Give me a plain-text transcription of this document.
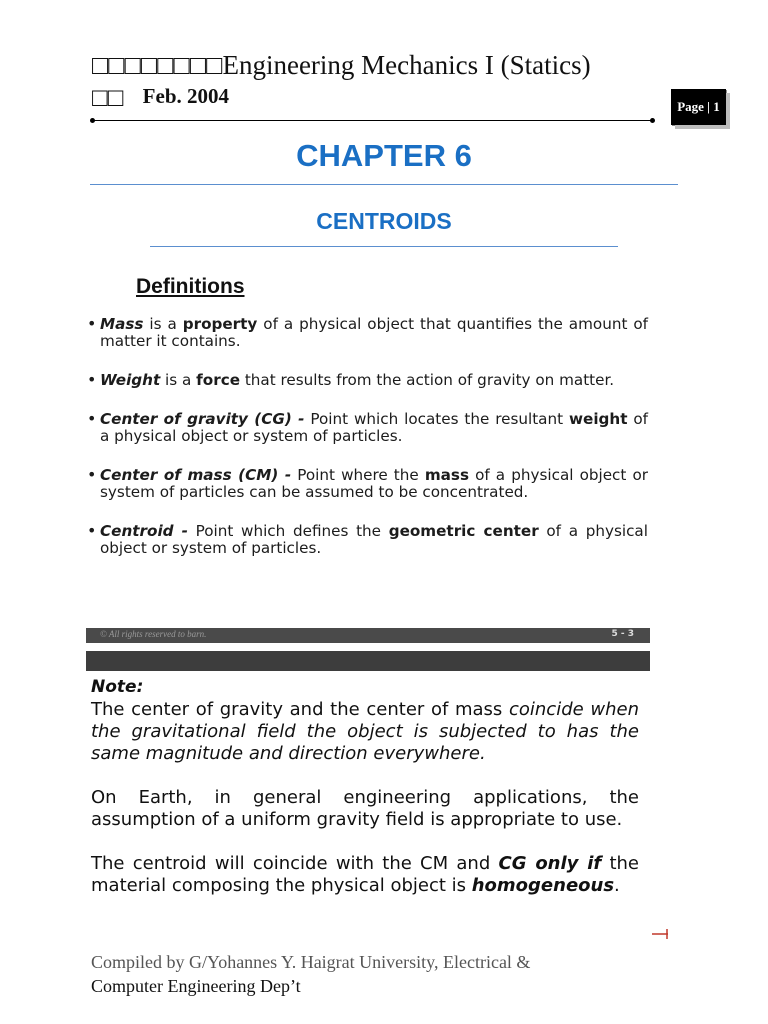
□□□□□□□□Engineering Mechanics I (Statics)
□□ Feb. 2004	Page | 1
CHAPTER 6
CENTROIDS
Definitions
• Mass is a property of a physical object that quantifies the amount of matter it contains.
• Weight is a force that results from the action of gravity on matter.
• Center of gravity (CG) - Point which locates the resultant weight of a physical object or system of particles.
• Center of mass (CM) - Point where the mass of a physical object or system of particles can be assumed to be concentrated.
• Centroid - Point which defines the geometric center of a physical object or system of particles.
© All rights reserved to barn.	5 - 3
Note:

The center of gravity and the center of mass coincide when the gravitational field the object is subjected to has the same magnitude and direction everywhere.

On Earth, in general engineering applications, the assumption of a uniform gravity field is appropriate to use.

The centroid will coincide with the CM and CG only if the material composing the physical object is homogeneous.

Compiled by G/Yohannes Y. Haigrat University, Electrical &
Computer Engineering Dep’t
